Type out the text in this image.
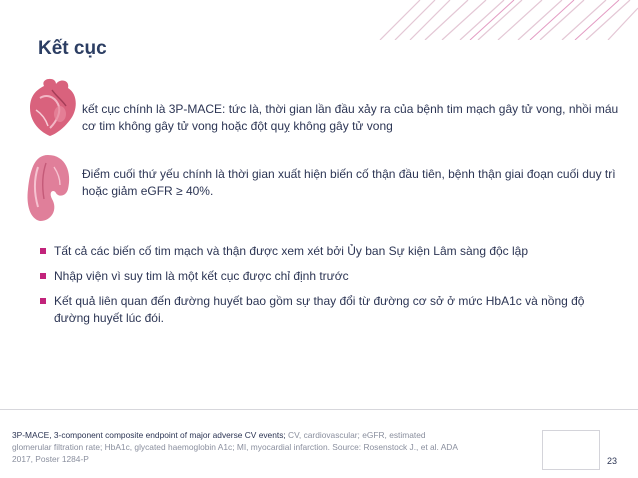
Kết cục
kết cục chính là 3P-MACE: tức là, thời gian lần đầu xảy ra của bệnh tim mạch gây tử vong, nhồi máu cơ tim không gây tử vong hoặc đột quỵ không gây tử vong
Điểm cuối thứ yếu chính là thời gian xuất hiện biến cố thận đầu tiên, bệnh thận giai đoạn cuối duy trì hoặc giảm eGFR ≥ 40%.
Tất cả các biến cố tim mạch và thận được xem xét bởi Ủy ban Sự kiện Lâm sàng độc lập
Nhập viện vì suy tim là một kết cục được chỉ định trước
Kết quả liên quan đến đường huyết bao gồm sự thay đổi từ đường cơ sở ở mức HbA1c và nồng độ đường huyết lúc đói.
3P-MACE, 3-component composite endpoint of major adverse CV events; CV, cardiovascular; eGFR, estimated glomerular filtration rate; HbA1c, glycated haemoglobin A1c; MI, myocardial infarction. Source: Rosenstock J., et al. ADA 2017, Poster 1284-P	23
